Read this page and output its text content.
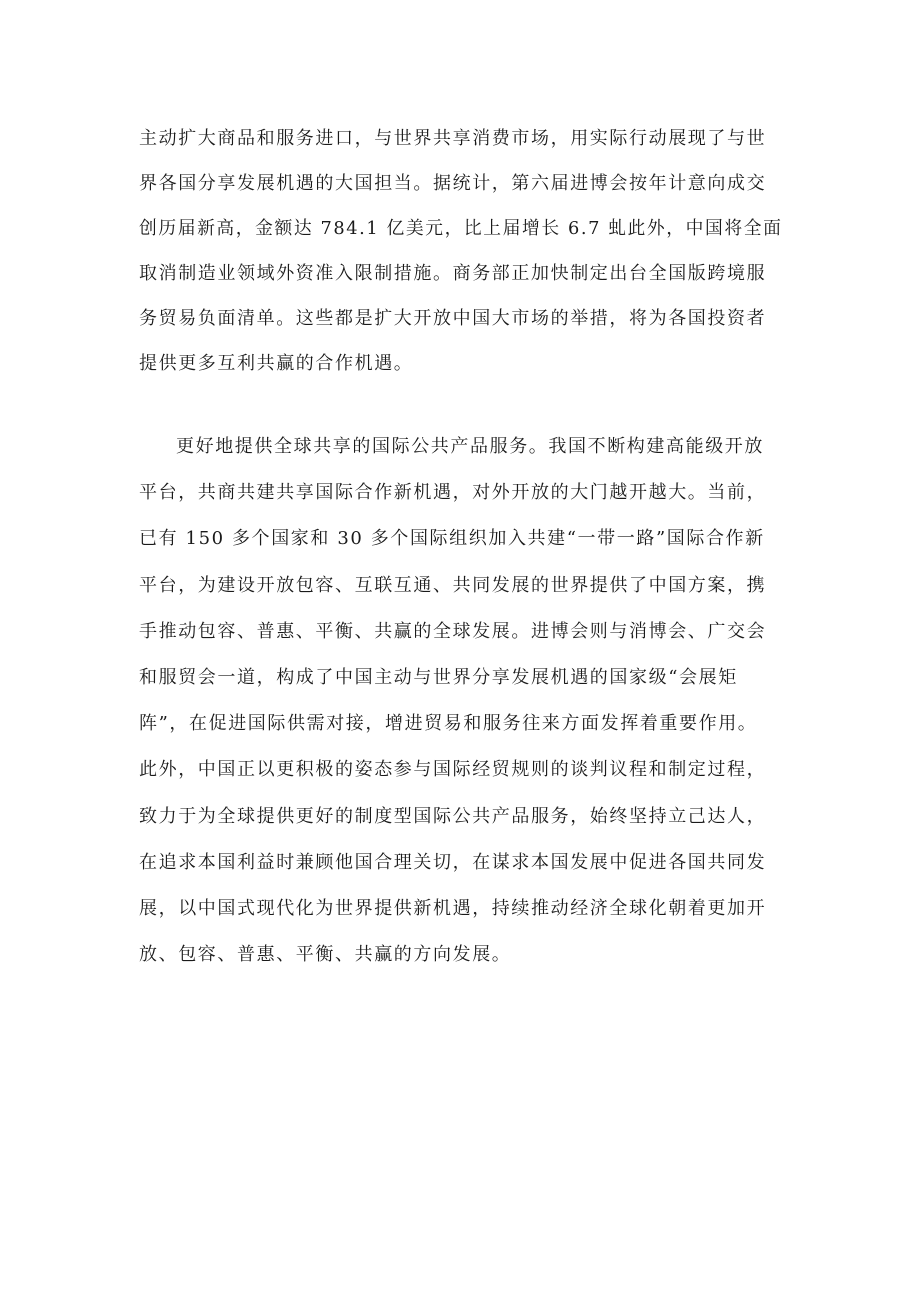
主动扩大商品和服务进口，与世界共享消费市场，用实际行动展现了与世

界各国分享发展机遇的大国担当。据统计，第六届进博会按年计意向成交

创历届新高，金额达 784.1 亿美元，比上届增长 6.7 虬此外，中国将全面

取消制造业领域外资准入限制措施。商务部正加快制定出台全国版跨境服

务贸易负面清单。这些都是扩大开放中国大市场的举措，将为各国投资者

提供更多互利共赢的合作机遇。

更好地提供全球共享的国际公共产品服务。我国不断构建高能级开放

平台，共商共建共享国际合作新机遇，对外开放的大门越开越大。当前，

已有 150 多个国家和 30 多个国际组织加入共建“一带一路”国际合作新

平台，为建设开放包容、互联互通、共同发展的世界提供了中国方案，携

手推动包容、普惠、平衡、共赢的全球发展。进博会则与消博会、广交会

和服贸会一道，构成了中国主动与世界分享发展机遇的国家级“会展矩

阵”，在促进国际供需对接，增进贸易和服务往来方面发挥着重要作用。

此外，中国正以更积极的姿态参与国际经贸规则的谈判议程和制定过程，

致力于为全球提供更好的制度型国际公共产品服务，始终坚持立己达人，

在追求本国利益时兼顾他国合理关切，在谋求本国发展中促进各国共同发

展，以中国式现代化为世界提供新机遇，持续推动经济全球化朝着更加开

放、包容、普惠、平衡、共赢的方向发展。
